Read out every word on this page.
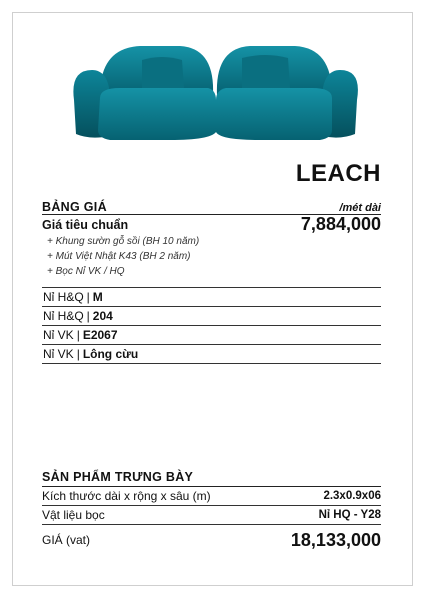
LEACH
BẢNG GIÁ	/mét dài
Giá tiêu chuẩn	7,884,000
+ Khung sườn gỗ sồi (BH 10 năm)
+ Mút Việt Nhật K43 (BH 2 năm)
+ Bọc Nỉ VK / HQ
Nỉ H&Q | M
Nỉ H&Q | 204
Nỉ VK | E2067
Nỉ VK | Lông cừu
SẢN PHẨM TRƯNG BÀY
Kích thước dài x rộng x sâu (m)	2.3x0.9x06
Vật liệu bọc	Nỉ HQ - Y28
GIÁ (vat)	18,133,000
